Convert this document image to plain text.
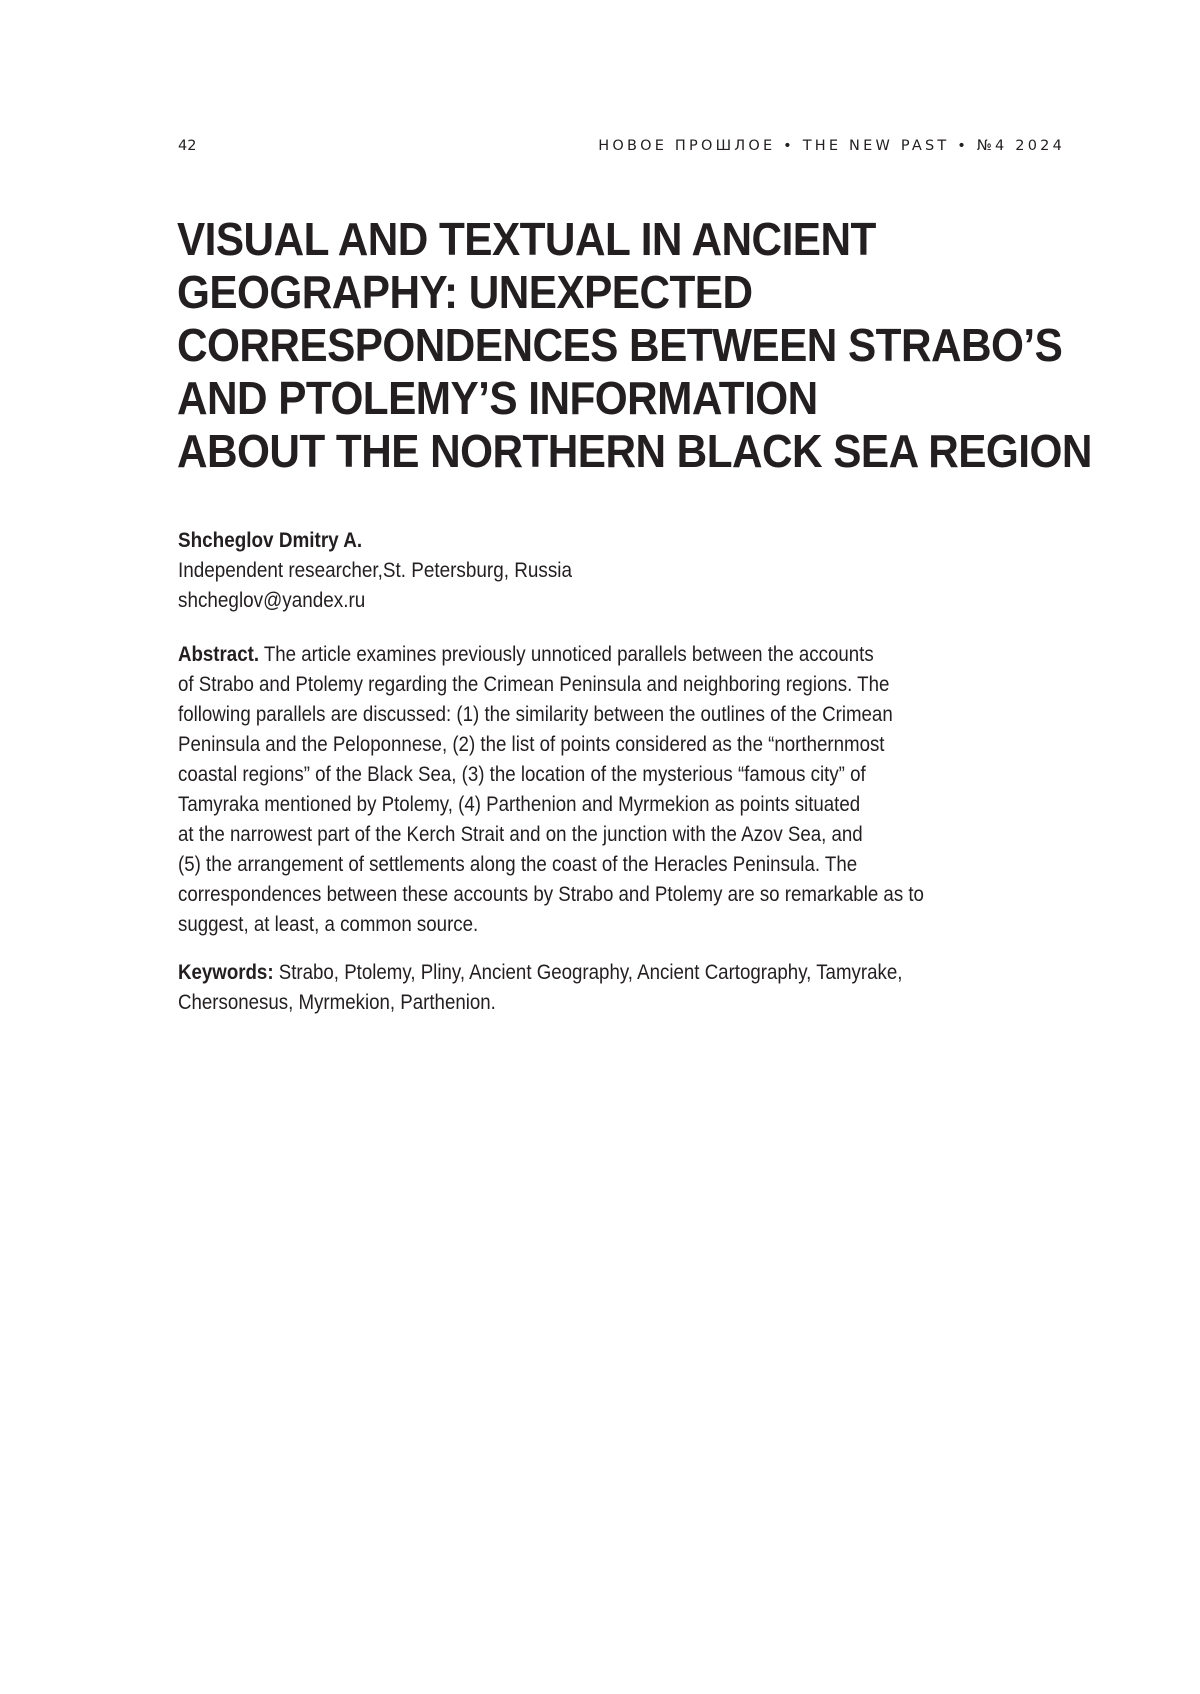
42	НОВОЕ ПРОШЛОЕ • THE NEW PAST • №4 2024
VISUAL AND TEXTUAL IN ANCIENT
GEOGRAPHY: UNEXPECTED
CORRESPONDENCES BETWEEN STRABO’S
AND PTOLEMY’S INFORMATION
ABOUT THE NORTHERN BLACK SEA REGION
Shcheglov Dmitry A.
Independent researcher,St. Petersburg, Russia
shcheglov@yandex.ru
Abstract. The article examines previously unnoticed parallels between the accounts
of Strabo and Ptolemy regarding the Crimean Peninsula and neighboring regions. The
following parallels are discussed: (1) the similarity between the outlines of the Crimean
Peninsula and the Peloponnese, (2) the list of points considered as the “northernmost
coastal regions” of the Black Sea, (3) the location of the mysterious “famous city” of
Tamyraka mentioned by Ptolemy, (4) Parthenion and Myrmekion as points situated
at the narrowest part of the Kerch Strait and on the junction with the Azov Sea, and
(5) the arrangement of settlements along the coast of the Heracles Peninsula. The
correspondences between these accounts by Strabo and Ptolemy are so remarkable as to
suggest, at least, a common source.
Keywords: Strabo, Ptolemy, Pliny, Ancient Geography, Ancient Cartography, Tamyrake,
Chersonesus, Myrmekion, Parthenion.
